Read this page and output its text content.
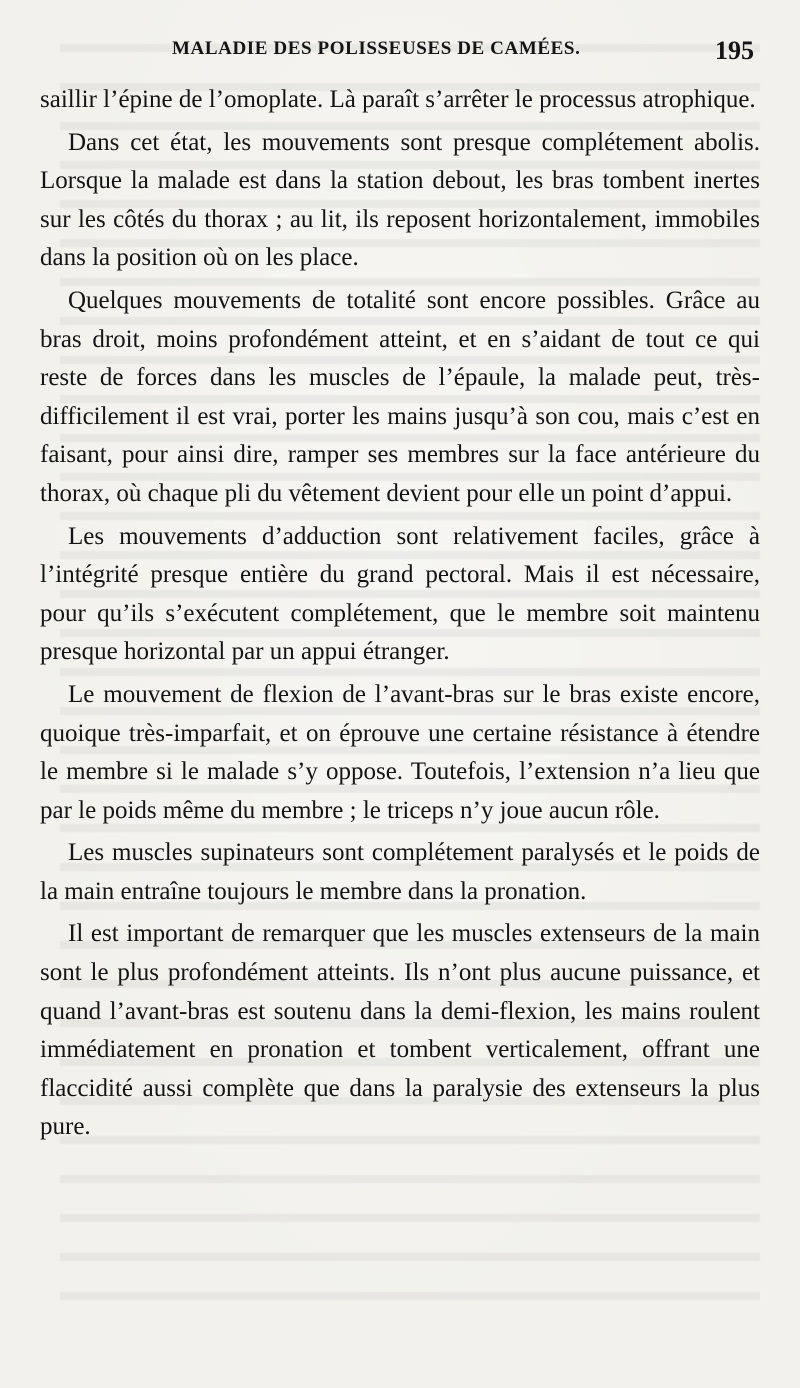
MALADIE DES POLISSEUSES DE CAMÉES.	195

saillir l’épine de l’omoplate. Là paraît s’arrêter le processus atrophique.

Dans cet état, les mouvements sont presque complétement abolis. Lorsque la malade est dans la station debout, les bras tombent inertes sur les côtés du thorax ; au lit, ils reposent horizontalement, immobiles dans la position où on les place.

Quelques mouvements de totalité sont encore possibles. Grâce au bras droit, moins profondément atteint, et en s’aidant de tout ce qui reste de forces dans les muscles de l’épaule, la malade peut, très-difficilement il est vrai, porter les mains jusqu’à son cou, mais c’est en faisant, pour ainsi dire, ramper ses membres sur la face antérieure du thorax, où chaque pli du vêtement devient pour elle un point d’appui.

Les mouvements d’adduction sont relativement faciles, grâce à l’intégrité presque entière du grand pectoral. Mais il est nécessaire, pour qu’ils s’exécutent complétement, que le membre soit maintenu presque horizontal par un appui étranger.

Le mouvement de flexion de l’avant-bras sur le bras existe encore, quoique très-imparfait, et on éprouve une certaine résistance à étendre le membre si le malade s’y oppose. Toutefois, l’extension n’a lieu que par le poids même du membre ; le triceps n’y joue aucun rôle.

Les muscles supinateurs sont complétement paralysés et le poids de la main entraîne toujours le membre dans la pronation.

Il est important de remarquer que les muscles extenseurs de la main sont le plus profondément atteints. Ils n’ont plus aucune puissance, et quand l’avant-bras est soutenu dans la demi-flexion, les mains roulent immédiatement en pronation et tombent verticalement, offrant une flaccidité aussi complète que dans la paralysie des extenseurs la plus pure.
